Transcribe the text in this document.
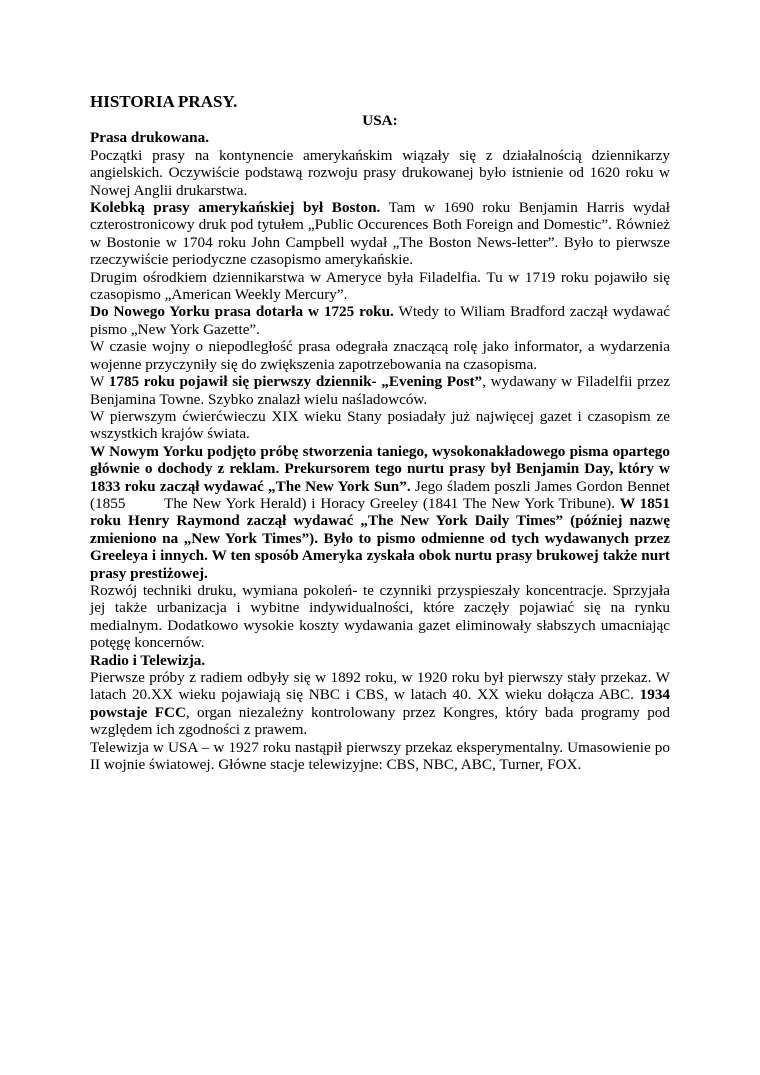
HISTORIA PRASY.

USA:

Prasa drukowana.

Początki prasy na kontynencie amerykańskim wiązały się z działalnością dziennikarzy angielskich. Oczywiście podstawą rozwoju prasy drukowanej było istnienie od 1620 roku w Nowej Anglii drukarstwa.

Kolebką prasy amerykańskiej był Boston. Tam w 1690 roku Benjamin Harris wydał czterostronicowy druk pod tytułem „Public Occurences Both Foreign and Domestic”. Również w Bostonie w 1704 roku John Campbell wydał „The Boston News-letter”. Było to pierwsze rzeczywiście periodyczne czasopismo amerykańskie.

Drugim ośrodkiem dziennikarstwa w Ameryce była Filadelfia. Tu w 1719 roku pojawiło się czasopismo „American Weekly Mercury”.

Do Nowego Yorku prasa dotarła w 1725 roku. Wtedy to Wiliam Bradford zaczął wydawać pismo „New York Gazette”.

W czasie wojny o niepodległość prasa odegrała znaczącą rolę jako informator, a wydarzenia wojenne przyczyniły się do zwiększenia zapotrzebowania na czasopisma.

W 1785 roku pojawił się pierwszy dziennik- „Evening Post”, wydawany w Filadelfii przez Benjamina Towne. Szybko znalazł wielu naśladowców.

W pierwszym ćwierćwieczu XIX wieku Stany posiadały już najwięcej gazet i czasopism ze wszystkich krajów świata.

W Nowym Yorku podjęto próbę stworzenia taniego, wysokonakładowego pisma opartego głównie o dochody z reklam. Prekursorem tego nurtu prasy był Benjamin Day, który w 1833 roku zaczął wydawać „The New York Sun”. Jego śladem poszli James Gordon Bennet (1855        The New York Herald) i Horacy Greeley (1841 The New York Tribune). W 1851 roku Henry Raymond zaczął wydawać „The New York Daily Times” (później nazwę zmieniono na „New York Times”). Było to pismo odmienne od tych wydawanych przez Greeleya i innych. W ten sposób Ameryka zyskała obok nurtu prasy brukowej także nurt prasy prestiżowej.

Rozwój techniki druku, wymiana pokoleń- te czynniki przyspieszały koncentracje. Sprzyjała jej także urbanizacja i wybitne indywidualności, które zaczęły pojawiać się na rynku medialnym. Dodatkowo wysokie koszty wydawania gazet eliminowały słabszych umacniając potęgę koncernów.

Radio i Telewizja.

Pierwsze próby z radiem odbyły się w 1892 roku, w 1920 roku był pierwszy stały przekaz. W latach 20.XX wieku pojawiają się NBC i CBS, w latach 40. XX wieku dołącza ABC. 1934 powstaje FCC, organ niezależny kontrolowany przez Kongres, który bada programy pod względem ich zgodności z prawem.

Telewizja w USA – w 1927 roku nastąpił pierwszy przekaz eksperymentalny. Umasowienie po II wojnie światowej. Główne stacje telewizyjne: CBS, NBC, ABC, Turner, FOX.
